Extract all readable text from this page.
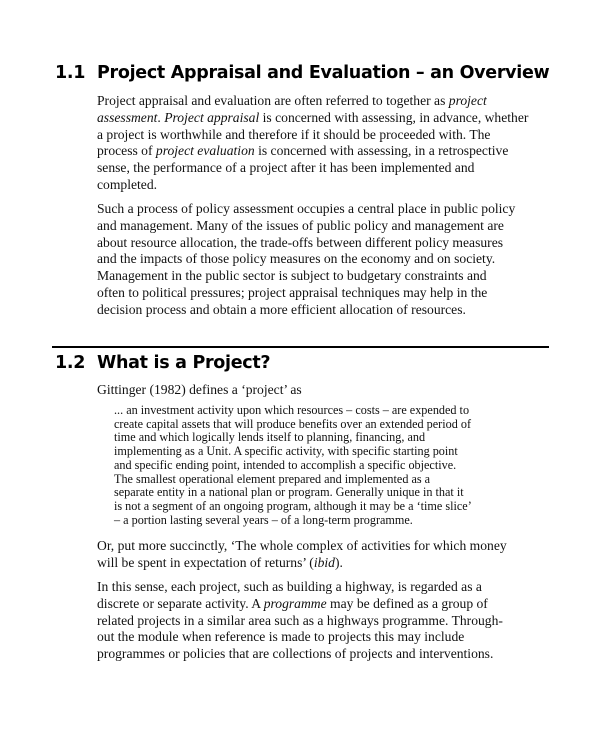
1.1 Project Appraisal and Evaluation – an Overview
Project appraisal and evaluation are often referred to together as project
assessment. Project appraisal is concerned with assessing, in advance, whether
a project is worthwhile and therefore if it should be proceeded with. The
process of project evaluation is concerned with assessing, in a retrospective
sense, the performance of a project after it has been implemented and
completed.
Such a process of policy assessment occupies a central place in public policy
and management. Many of the issues of public policy and management are
about resource allocation, the trade-offs between different policy measures
and the impacts of those policy measures on the economy and on society.
Management in the public sector is subject to budgetary constraints and
often to political pressures; project appraisal techniques may help in the
decision process and obtain a more efficient allocation of resources.
1.2 What is a Project?
Gittinger (1982) defines a ‘project’ as
... an investment activity upon which resources – costs – are expended to
create capital assets that will produce benefits over an extended period of
time and which logically lends itself to planning, financing, and
implementing as a Unit. A specific activity, with specific starting point
and specific ending point, intended to accomplish a specific objective.
The smallest operational element prepared and implemented as a
separate entity in a national plan or program. Generally unique in that it
is not a segment of an ongoing program, although it may be a ‘time slice’
– a portion lasting several years – of a long-term programme.
Or, put more succinctly, ‘The whole complex of activities for which money
will be spent in expectation of returns’ (ibid).
In this sense, each project, such as building a highway, is regarded as a
discrete or separate activity. A programme may be defined as a group of
related projects in a similar area such as a highways programme. Through-
out the module when reference is made to projects this may include
programmes or policies that are collections of projects and interventions.
